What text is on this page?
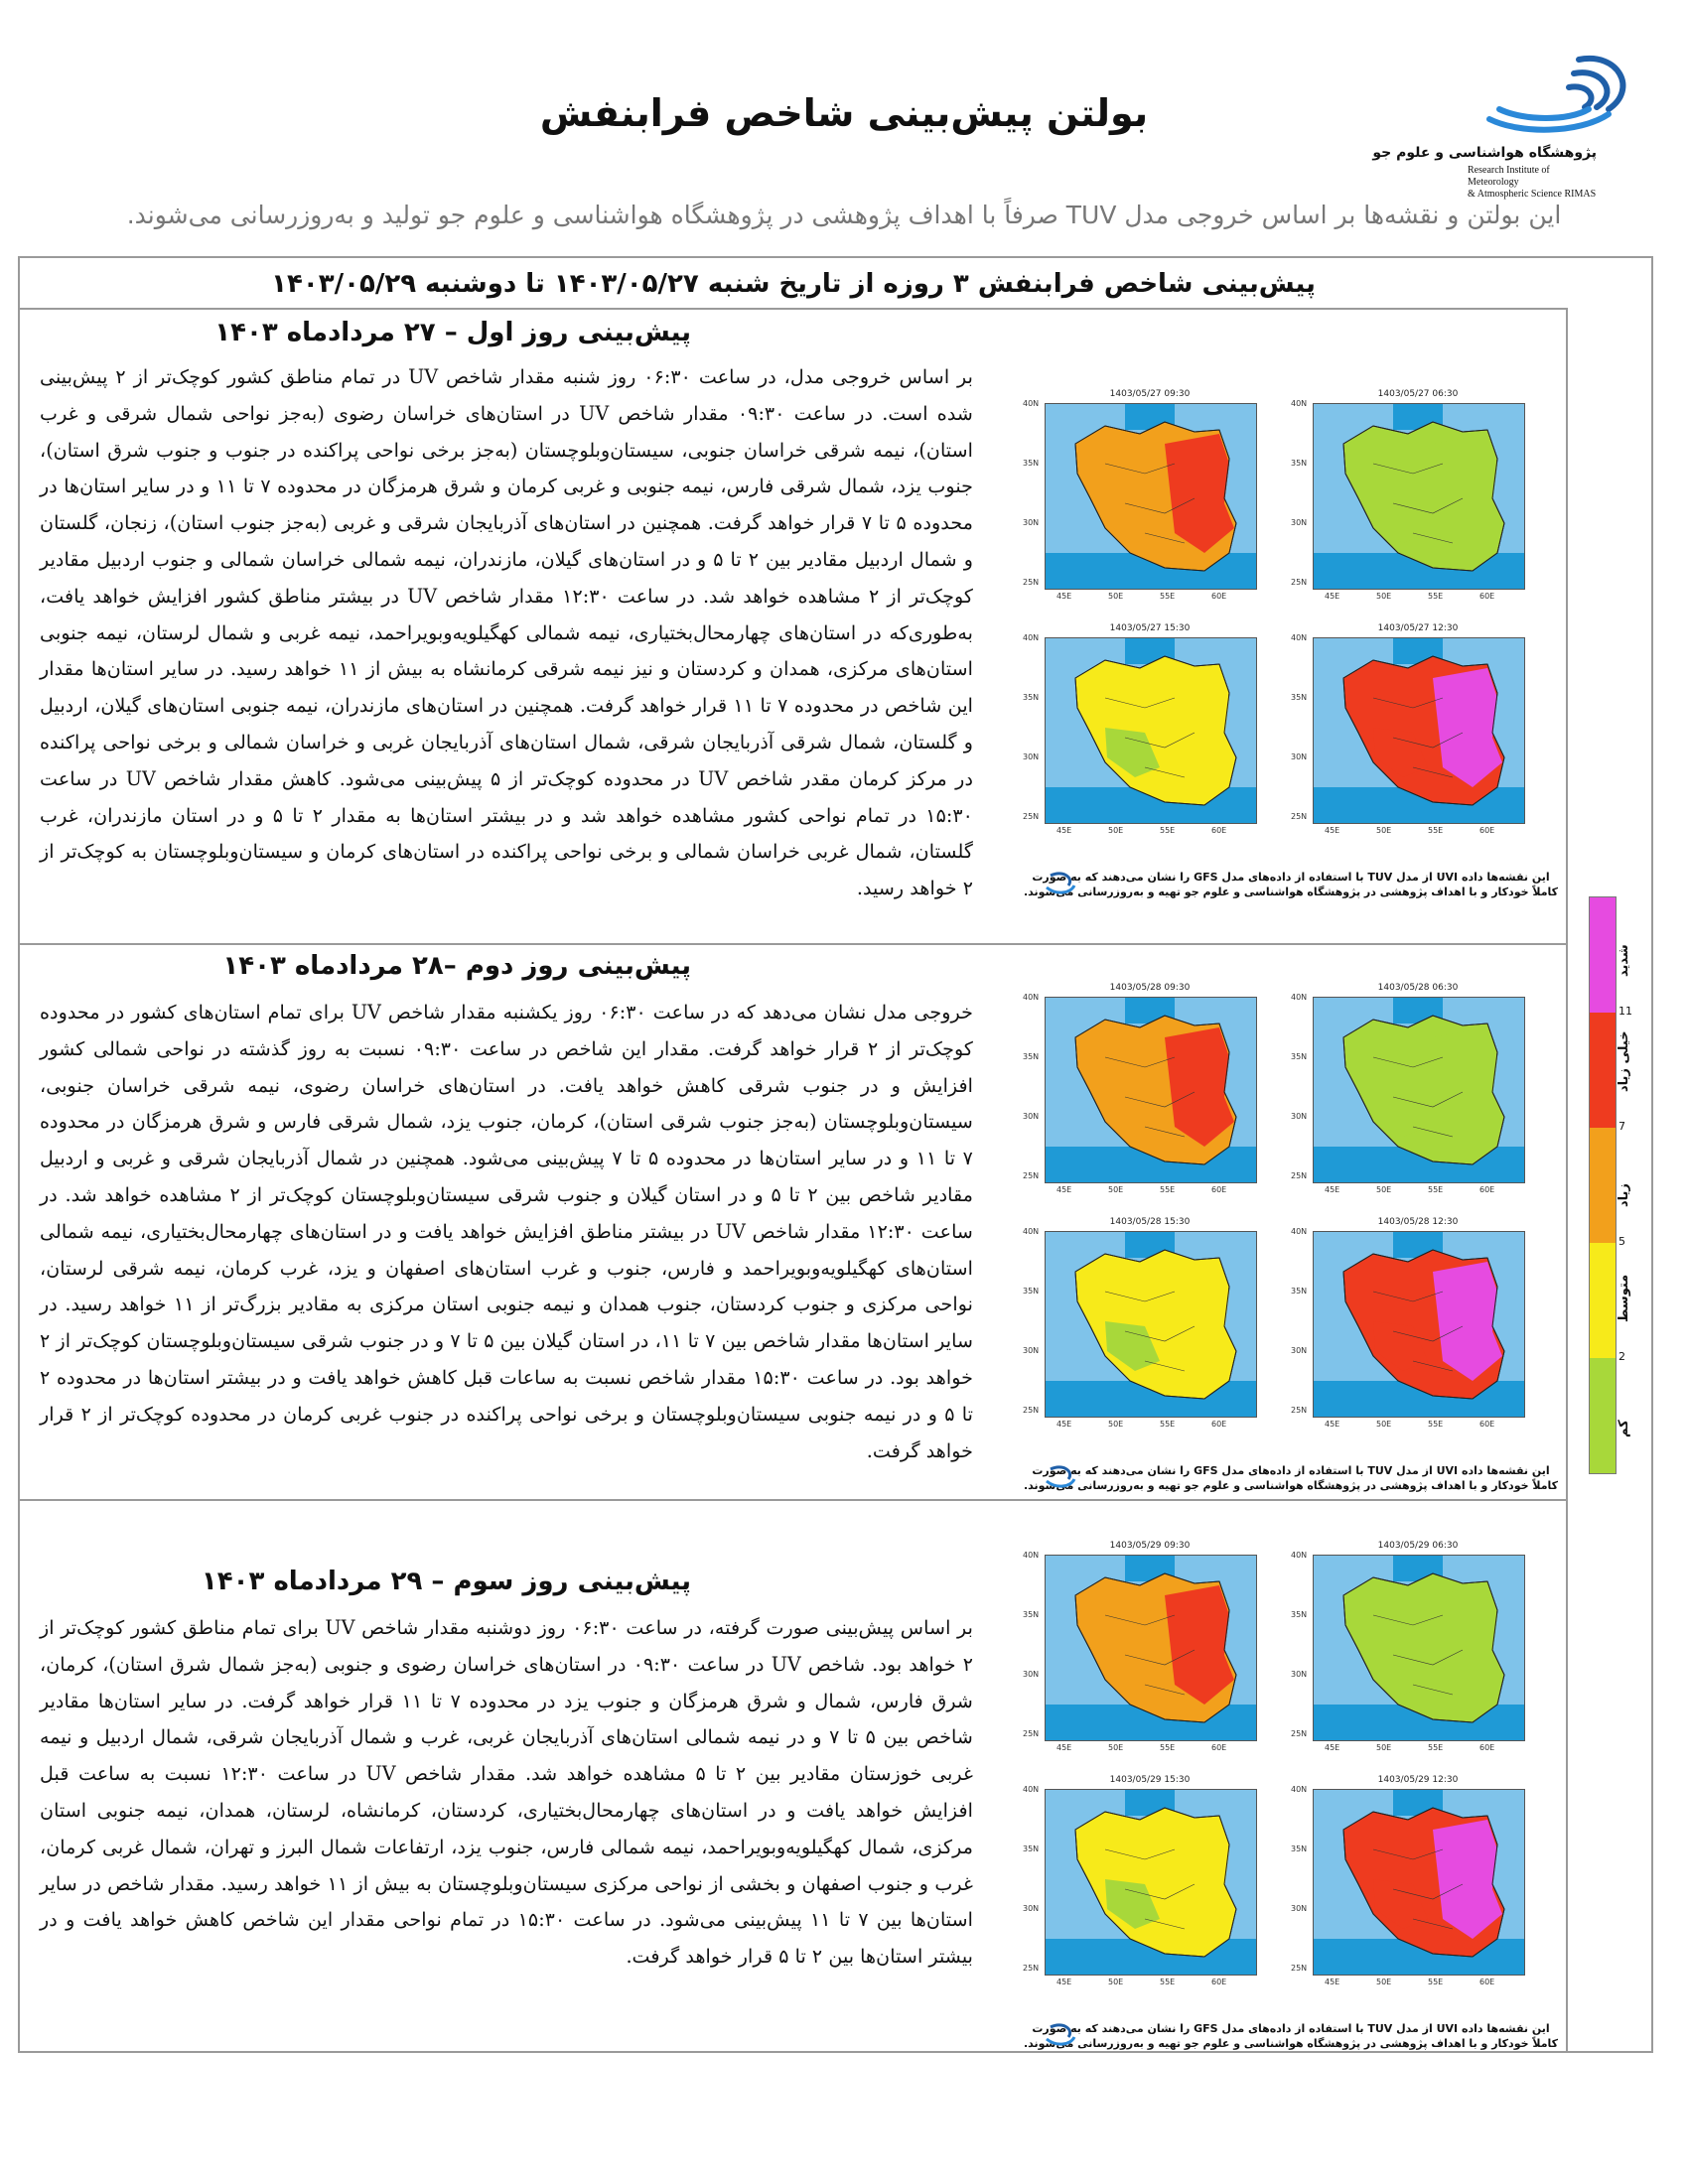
بولتن پیش‌بینی شاخص فرابنفش
پژوهشگاه هواشناسی و علوم جو
Research Institute of Meteorology
& Atmospheric Science RIMAS
این بولتن و نقشه‌ها بر اساس خروجی مدل TUV صرفاً با اهداف پژوهشی در پژوهشگاه هواشناسی و علوم جو تولید و به‌روزرسانی می‌شوند.
پیش‌بینی شاخص فرابنفش ۳ روزه از تاریخ شنبه ۱۴۰۳/۰۵/۲۷ تا دوشنبه ۱۴۰۳/۰۵/۲۹
پیش‌بینی روز اول – ۲۷ مردادماه ۱۴۰۳
بر اساس خروجی مدل، در ساعت ۰۶:۳۰ روز شنبه مقدار شاخص UV در تمام مناطق کشور کوچک‌تر از ۲ پیش‌بینی شده است. در ساعت ۰۹:۳۰ مقدار شاخص UV در استان‌های خراسان رضوی (به‌جز نواحی شمال شرقی و غرب استان)، نیمه شرقی خراسان جنوبی، سیستان‌وبلوچستان (به‌جز برخی نواحی پراکنده در جنوب و جنوب شرق استان)، جنوب یزد، شمال شرقی فارس، نیمه جنوبی و غربی کرمان و شرق هرمزگان در محدوده ۷ تا ۱۱ و در سایر استان‌ها در محدوده ۵ تا ۷ قرار خواهد گرفت. همچنین در استان‌های آذربایجان شرقی و غربی (به‌جز جنوب استان)، زنجان، گلستان و شمال اردبیل مقادیر بین ۲ تا ۵ و در استان‌های گیلان، مازندران، نیمه شمالی خراسان شمالی و جنوب اردبیل مقادیر کوچک‌تر از ۲ مشاهده خواهد شد. در ساعت ۱۲:۳۰ مقدار شاخص UV در بیشتر مناطق کشور افزایش خواهد یافت، به‌طوری‌که در استان‌های چهارمحال‌بختیاری، نیمه شمالی کهگیلویه‌وبویراحمد، نیمه غربی و شمال لرستان، نیمه جنوبی استان‌های مرکزی، همدان و کردستان و نیز نیمه شرقی کرمانشاه به بیش از ۱۱ خواهد رسید. در سایر استان‌ها مقدار این شاخص در محدوده ۷ تا ۱۱ قرار خواهد گرفت. همچنین در استان‌های مازندران، نیمه جنوبی استان‌های گیلان، اردبیل و گلستان، شمال شرقی آذربایجان شرقی، شمال استان‌های آذربایجان غربی و خراسان شمالی و برخی نواحی پراکنده در مرکز کرمان مقدر شاخص UV در محدوده کوچک‌تر از ۵ پیش‌بینی می‌شود. کاهش مقدار شاخص UV در ساعت ۱۵:۳۰ در تمام نواحی کشور مشاهده خواهد شد و در بیشتر استان‌ها به مقدار ۲ تا ۵ و در استان مازندران، غرب گلستان، شمال غربی خراسان شمالی و برخی نواحی پراکنده در استان‌های کرمان و سیستان‌وبلوچستان به کوچک‌تر از ۲ خواهد رسید.
1403/05/27 09:30
40N
35N
30N
25N
45E	50E	55E	60E
1403/05/27 06:30
40N
35N
30N
25N
45E	50E	55E	60E
1403/05/27 15:30
40N
35N
30N
25N
45E	50E	55E	60E
1403/05/27 12:30
40N
35N
30N
25N
45E	50E	55E	60E
این نقشه‌ها داده UVI از مدل TUV با استفاده از داده‌های مدل GFS را نشان می‌دهند که به صورت
کاملاً خودکار و با اهداف پژوهشی در پژوهشگاه هواشناسی و علوم جو تهیه و به‌روزرسانی می‌شوند.
پیش‌بینی روز دوم –۲۸ مردادماه ۱۴۰۳
خروجی مدل نشان می‌دهد که در ساعت ۰۶:۳۰ روز یکشنبه مقدار شاخص UV برای تمام استان‌های کشور در محدوده کوچک‌تر از ۲ قرار خواهد گرفت. مقدار این شاخص در ساعت ۰۹:۳۰ نسبت به روز گذشته در نواحی شمالی کشور افزایش و در جنوب شرقی کاهش خواهد یافت. در استان‌های خراسان رضوی، نیمه شرقی خراسان جنوبی، سیستان‌وبلوچستان (به‌جز جنوب شرقی استان)، کرمان، جنوب یزد، شمال شرقی فارس و شرق هرمزگان در محدوده ۷ تا ۱۱ و در سایر استان‌ها در محدوده ۵ تا ۷ پیش‌بینی می‌شود. همچنین در شمال آذربایجان شرقی و غربی و اردبیل مقادیر شاخص بین ۲ تا ۵ و در استان گیلان و جنوب شرقی سیستان‌وبلوچستان کوچک‌تر از ۲ مشاهده خواهد شد. در ساعت ۱۲:۳۰ مقدار شاخص UV در بیشتر مناطق افزایش خواهد یافت و در استان‌های چهارمحال‌بختیاری، نیمه شمالی استان‌های کهگیلویه‌وبویراحمد و فارس، جنوب و غرب استان‌های اصفهان و یزد، غرب کرمان، نیمه شرقی لرستان، نواحی مرکزی و جنوب کردستان، جنوب همدان و نیمه جنوبی استان مرکزی به مقادیر بزرگ‌تر از ۱۱ خواهد رسید. در سایر استان‌ها مقدار شاخص بین ۷ تا ۱۱، در استان گیلان بین ۵ تا ۷ و در جنوب شرقی سیستان‌وبلوچستان کوچک‌تر از ۲ خواهد بود. در ساعت ۱۵:۳۰ مقدار شاخص نسبت به ساعات قبل کاهش خواهد یافت و در بیشتر استان‌ها در محدوده ۲ تا ۵ و در نیمه جنوبی سیستان‌وبلوچستان و برخی نواحی پراکنده در جنوب غربی کرمان در محدوده کوچک‌تر از ۲ قرار خواهد گرفت.
1403/05/28 09:30
40N
35N
30N
25N
45E	50E	55E	60E
1403/05/28 06:30
40N
35N
30N
25N
45E	50E	55E	60E
1403/05/28 15:30
40N
35N
30N
25N
45E	50E	55E	60E
1403/05/28 12:30
40N
35N
30N
25N
45E	50E	55E	60E
این نقشه‌ها داده UVI از مدل TUV با استفاده از داده‌های مدل GFS را نشان می‌دهند که به صورت
کاملاً خودکار و با اهداف پژوهشی در پژوهشگاه هواشناسی و علوم جو تهیه و به‌روزرسانی می‌شوند.
پیش‌بینی روز سوم – ۲۹ مردادماه ۱۴۰۳
بر اساس پیش‌بینی صورت گرفته، در ساعت ۰۶:۳۰ روز دوشنبه مقدار شاخص UV برای تمام مناطق کشور کوچک‌تر از ۲ خواهد بود. شاخص UV در ساعت ۰۹:۳۰ در استان‌های خراسان رضوی و جنوبی (به‌جز شمال شرق استان)، کرمان، شرق فارس، شمال و شرق هرمزگان و جنوب یزد در محدوده ۷ تا ۱۱ قرار خواهد گرفت. در سایر استان‌ها مقادیر شاخص بین ۵ تا ۷ و در نیمه شمالی استان‌های آذربایجان غربی، غرب و شمال آذربایجان شرقی، شمال اردبیل و نیمه غربی خوزستان مقادیر بین ۲ تا ۵ مشاهده خواهد شد. مقدار شاخص UV در ساعت ۱۲:۳۰ نسبت به ساعت قبل افزایش خواهد یافت و در استان‌های چهارمحال‌بختیاری، کردستان، کرمانشاه، لرستان، همدان، نیمه جنوبی استان مرکزی، شمال کهگیلویه‌وبویراحمد، نیمه شمالی فارس، جنوب یزد، ارتفاعات شمال البرز و تهران، شمال غربی کرمان، غرب و جنوب اصفهان و بخشی از نواحی مرکزی سیستان‌وبلوچستان به بیش از ۱۱ خواهد رسید. مقدار شاخص در سایر استان‌ها بین ۷ تا ۱۱ پیش‌بینی می‌شود. در ساعت ۱۵:۳۰ در تمام نواحی مقدار این شاخص کاهش خواهد یافت و در بیشتر استان‌ها بین ۲ تا ۵ قرار خواهد گرفت.
1403/05/29 09:30
40N
35N
30N
25N
45E	50E	55E	60E
1403/05/29 06:30
40N
35N
30N
25N
45E	50E	55E	60E
1403/05/29 15:30
40N
35N
30N
25N
45E	50E	55E	60E
1403/05/29 12:30
40N
35N
30N
25N
45E	50E	55E	60E
این نقشه‌ها داده UVI از مدل TUV با استفاده از داده‌های مدل GFS را نشان می‌دهند که به صورت
کاملاً خودکار و با اهداف پژوهشی در پژوهشگاه هواشناسی و علوم جو تهیه و به‌روزرسانی می‌شوند.
شدید
خیلی زیاد
زیاد
متوسط
کم
11
7
5
2
